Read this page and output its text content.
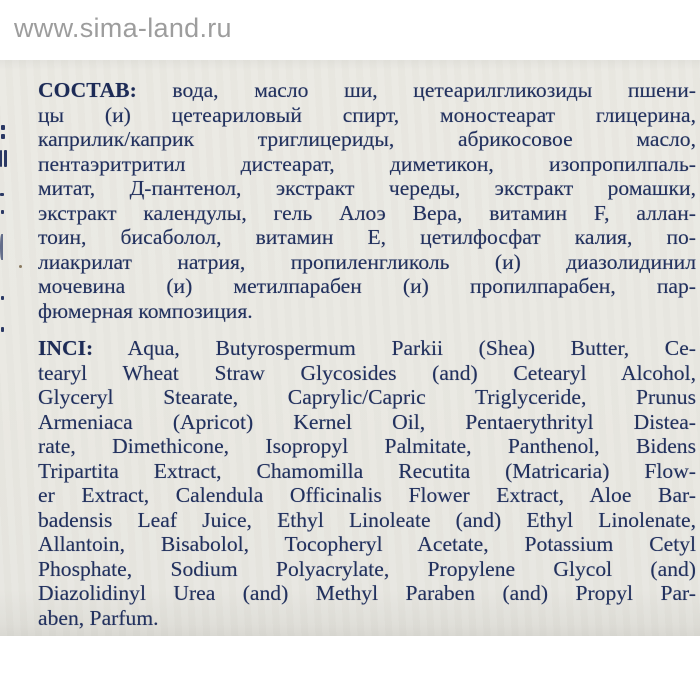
www.sima-land.ru
СОСТАВ: вода, масло ши, цетеарилгликозиды пшени-
цы (и) цетеариловый спирт, моностеарат глицерина,
каприлик/каприк триглицериды, абрикосовое масло,
пентаэритритил дистеарат, диметикон, изопропилпаль-
митат, Д-пантенол, экстракт череды, экстракт ромашки,
экстракт календулы, гель Алоэ Вера, витамин F, аллан-
тоин, бисаболол, витамин Е, цетилфосфат калия, по-
лиакрилат натрия, пропиленгликоль (и) диазолидинил
мочевина (и) метилпарабен (и) пропилпарабен, пар-
фюмерная композиция.
INCI: Aqua, Butyrospermum Parkii (Shea) Butter, Ce-
tearyl Wheat Straw Glycosides (and) Cetearyl Alcohol,
Glyceryl Stearate, Caprylic/Capric Triglyceride, Prunus
Armeniaca (Apricot) Kernel Oil, Pentaerythrityl Distea-
rate, Dimethicone, Isopropyl Palmitate, Panthenol, Bidens
Tripartita Extract, Chamomilla Recutita (Matricaria) Flow-
er Extract, Calendula Officinalis Flower Extract, Aloe Bar-
badensis Leaf Juice, Ethyl Linoleate (and) Ethyl Linolenate,
Allantoin, Bisabolol, Tocopheryl Acetate, Potassium Cetyl
Phosphate, Sodium Polyacrylate, Propylene Glycol (and)
Diazolidinyl Urea (and) Methyl Paraben (and) Propyl Par-
aben, Parfum.
